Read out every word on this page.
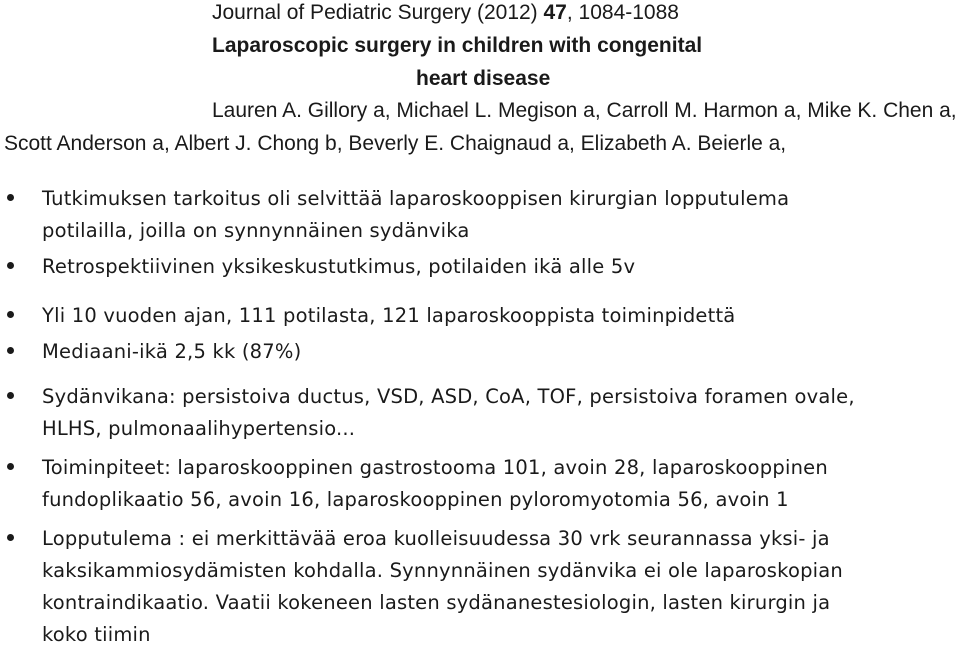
Journal of Pediatric Surgery (2012) 47, 1084-1088
Laparoscopic surgery in children with congenital
heart disease
Lauren A. Gillory a, Michael L. Megison a, Carroll M. Harmon a, Mike K. Chen a,
Scott Anderson a, Albert J. Chong b, Beverly E. Chaignaud a, Elizabeth A. Beierle a,
Tutkimuksen tarkoitus oli selvittää laparoskooppisen kirurgian lopputulema
potilailla, joilla on synnynnäinen sydänvika
Retrospektiivinen yksikeskustutkimus, potilaiden ikä alle 5v
Yli 10 vuoden ajan, 111 potilasta, 121 laparoskooppista toiminpidettä
Mediaani-ikä 2,5 kk (87%)
Sydänvikana: persistoiva ductus, VSD, ASD, CoA, TOF, persistoiva foramen ovale,
HLHS, pulmonaalihypertensio...
Toiminpiteet: laparoskooppinen gastrostooma 101, avoin 28, laparoskooppinen
fundoplikaatio 56, avoin 16, laparoskooppinen pyloromyotomia 56, avoin 1
Lopputulema : ei merkittävää eroa kuolleisuudessa 30 vrk seurannassa yksi- ja
kaksikammiosydämisten kohdalla. Synnynnäinen sydänvika ei ole laparoskopian
kontraindikaatio. Vaatii kokeneen lasten sydänanestesiologin, lasten kirurgin ja
koko tiimin
